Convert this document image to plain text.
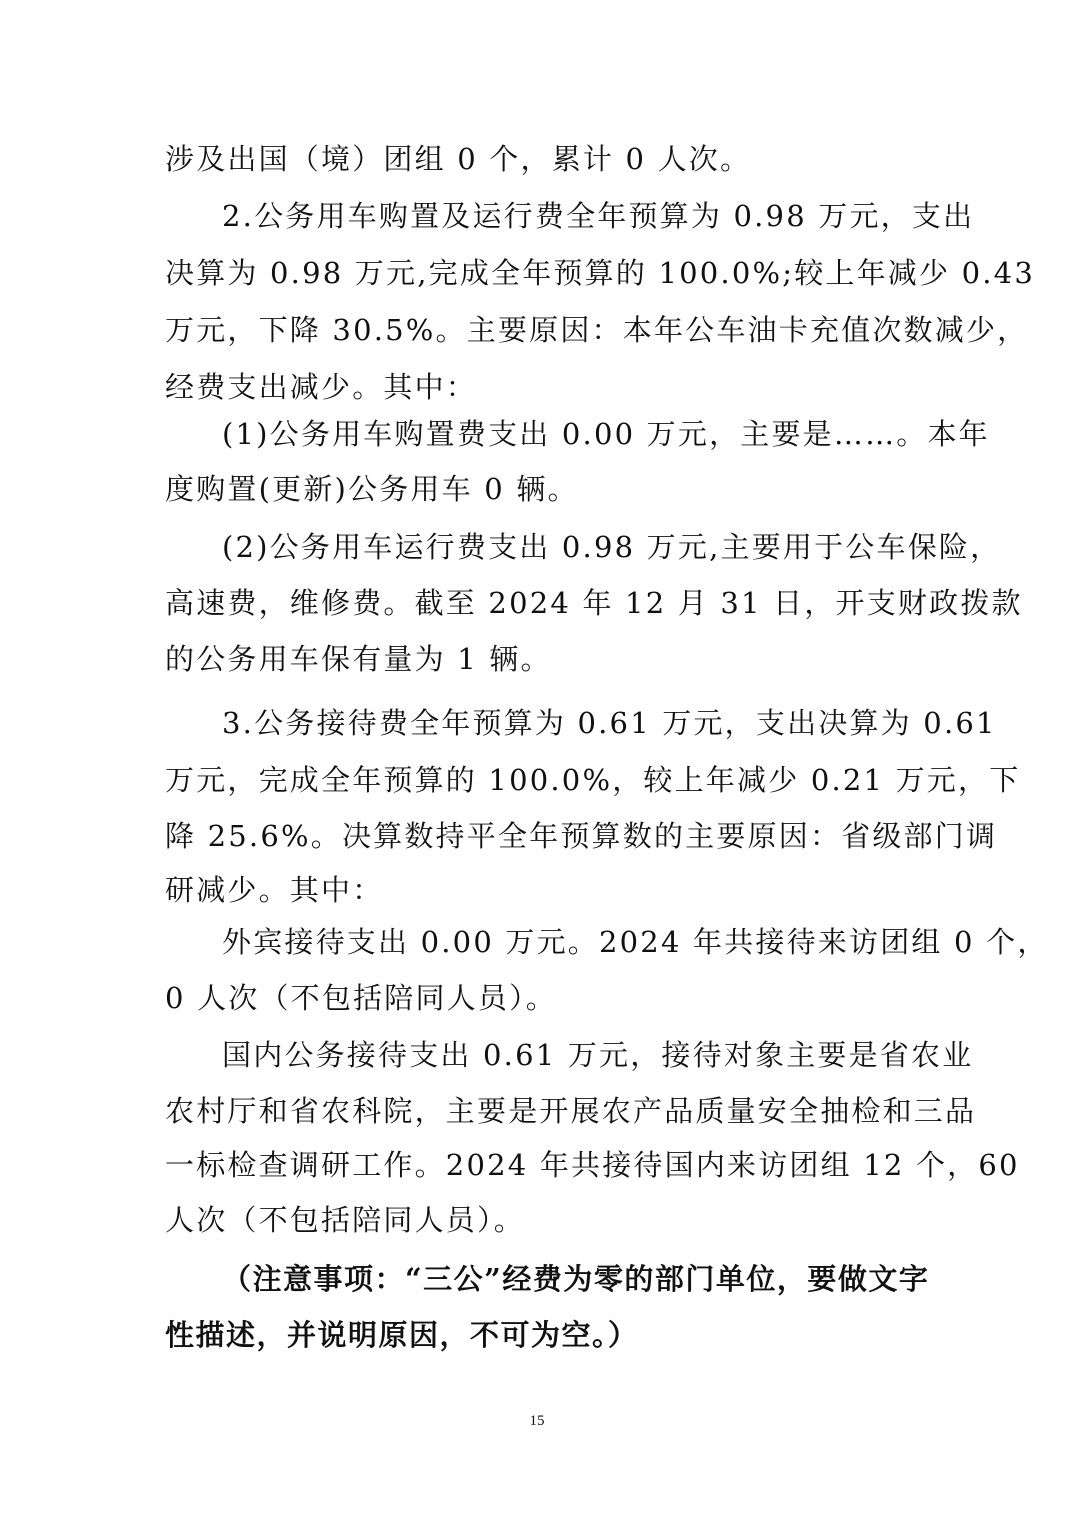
涉及出国（境）团组 0 个，累计 0 人次。
2.公务用车购置及运行费全年预算为 0.98 万元，支出
决算为 0.98 万元,完成全年预算的 100.0%;较上年减少 0.43
万元，下降 30.5%。主要原因：本年公车油卡充值次数减少，
经费支出减少。其中：
(1)公务用车购置费支出 0.00 万元，主要是……。本年
度购置(更新)公务用车 0 辆。
(2)公务用车运行费支出 0.98 万元,主要用于公车保险，
高速费，维修费。截至 2024 年 12 月 31 日，开支财政拨款
的公务用车保有量为 1 辆。
3.公务接待费全年预算为 0.61 万元，支出决算为 0.61
万元，完成全年预算的 100.0%，较上年减少 0.21 万元，下
降 25.6%。决算数持平全年预算数的主要原因：省级部门调
研减少。其中：
外宾接待支出 0.00 万元。2024 年共接待来访团组 0 个，
0 人次（不包括陪同人员）。
国内公务接待支出 0.61 万元，接待对象主要是省农业
农村厅和省农科院，主要是开展农产品质量安全抽检和三品
一标检查调研工作。2024 年共接待国内来访团组 12 个，60
人次（不包括陪同人员）。
（注意事项：“三公”经费为零的部门单位，要做文字
性描述，并说明原因，不可为空。）
15
